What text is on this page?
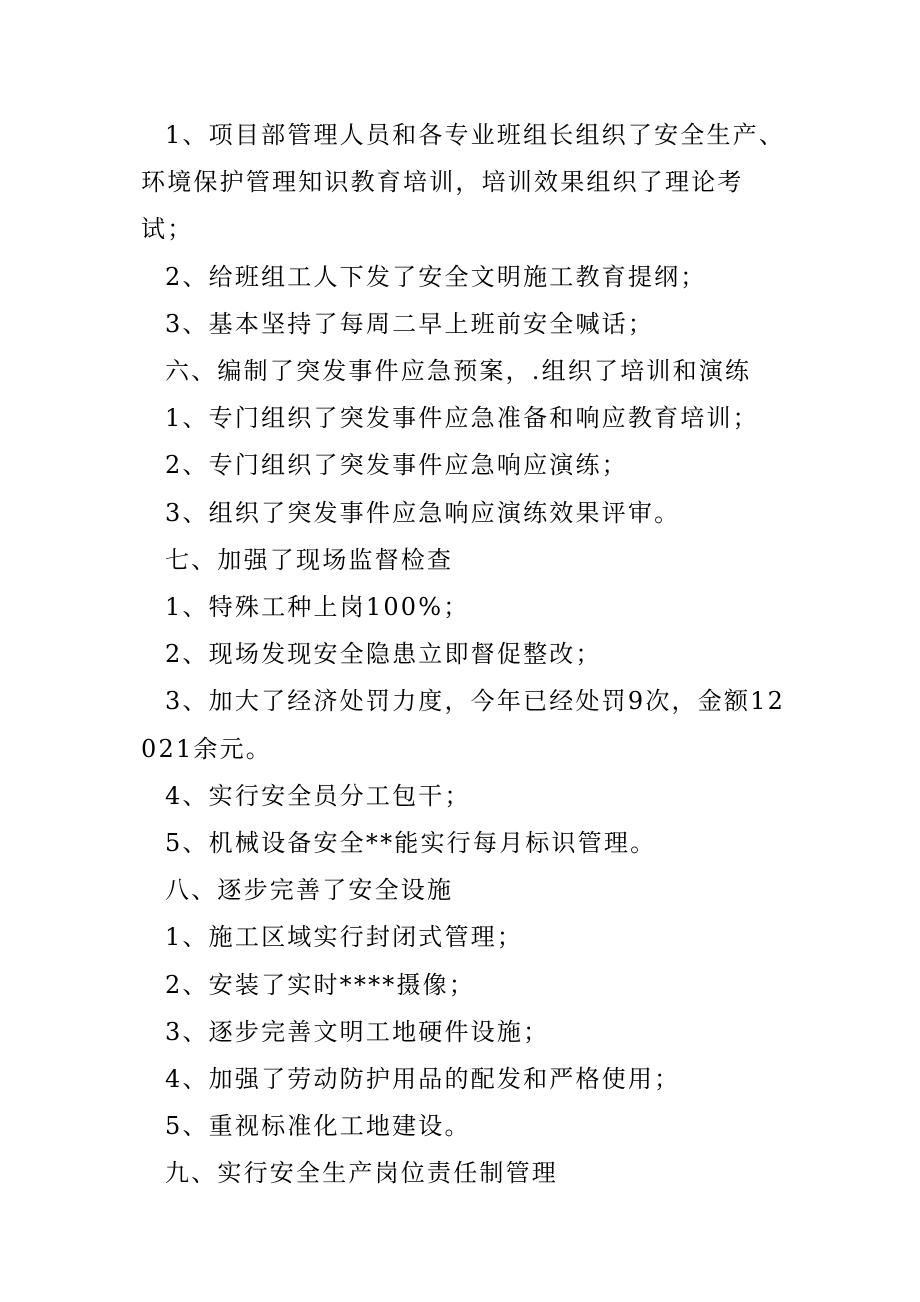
1、项目部管理人员和各专业班组长组织了安全生产、环境保护管理知识教育培训，培训效果组织了理论考试；

2、给班组工人下发了安全文明施工教育提纲；

3、基本坚持了每周二早上班前安全喊话；

六、编制了突发事件应急预案，.组织了培训和演练

1、专门组织了突发事件应急准备和响应教育培训；

2、专门组织了突发事件应急响应演练；

3、组织了突发事件应急响应演练效果评审。

七、加强了现场监督检查

1、特殊工种上岗100%；

2、现场发现安全隐患立即督促整改；

3、加大了经济处罚力度，今年已经处罚9次，金额12021余元。

4、实行安全员分工包干；

5、机械设备安全**能实行每月标识管理。

八、逐步完善了安全设施

1、施工区域实行封闭式管理；

2、安装了实时****摄像；

3、逐步完善文明工地硬件设施；

4、加强了劳动防护用品的配发和严格使用；

5、重视标准化工地建设。

九、实行安全生产岗位责任制管理
